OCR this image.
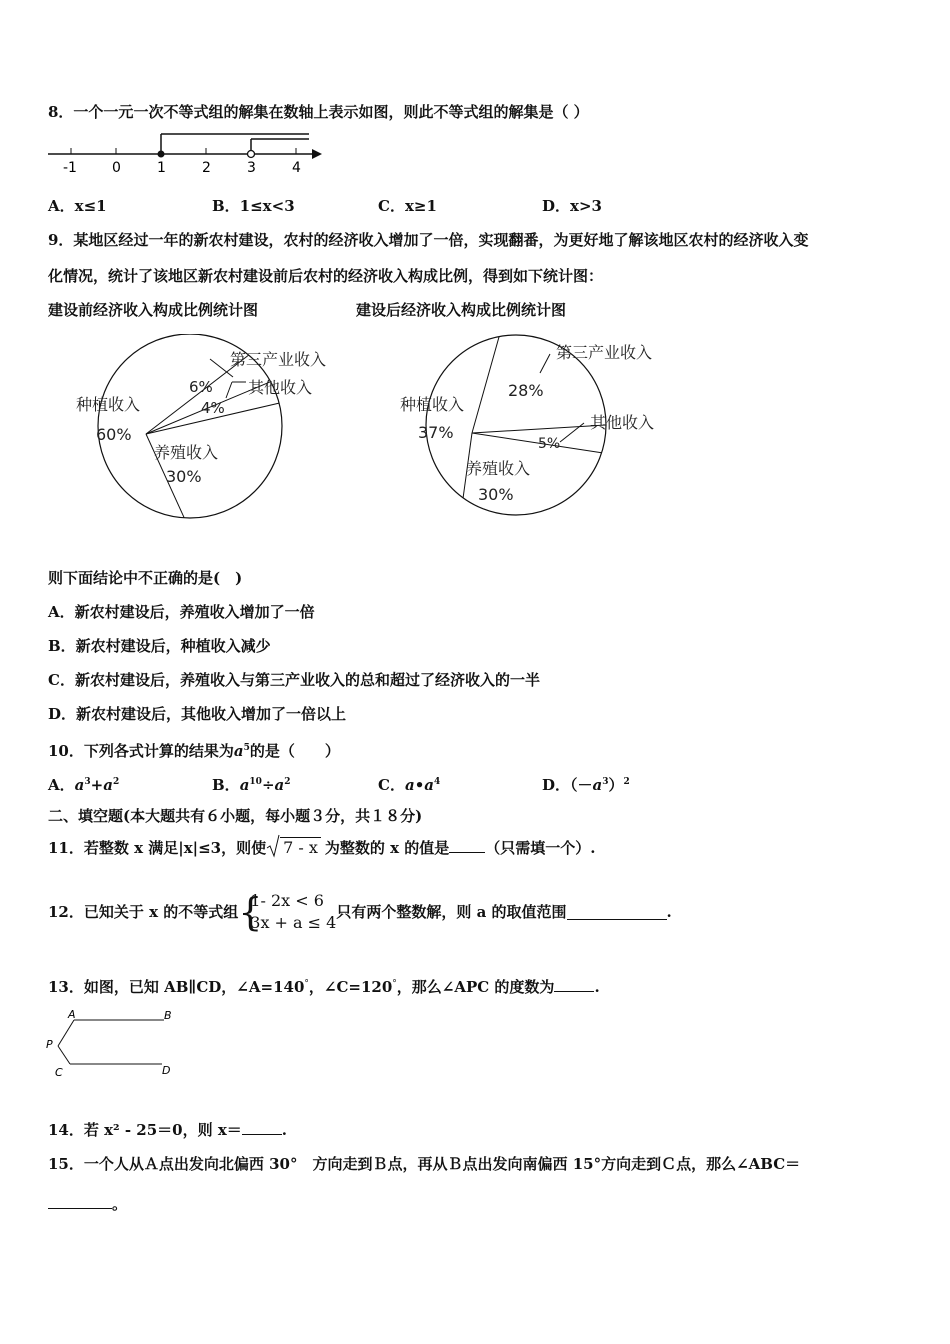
8．一个一元一次不等式组的解集在数轴上表示如图，则此不等式组的解集是（ ）
-1	0	1	2	3	4
A．x≤1	B．1≤x<3	C．x≥1	D．x>3
9．某地区经过一年的新农村建设，农村的经济收入增加了一倍，实现翻番，为更好地了解该地区农村的经济收入变
化情况，统计了该地区新农村建设前后农村的经济收入构成比例，得到如下统计图：
建设前经济收入构成比例统计图	建设后经济收入构成比例统计图
种植收入
60%
养殖收入
30%
6%
4%
第三产业收入
其他收入
种植收入
37%
养殖收入
30%
28%
5%
第三产业收入
其他收入
则下面结论中不正确的是(　)
A．新农村建设后，养殖收入增加了一倍
B．新农村建设后，种植收入减少
C．新农村建设后，养殖收入与第三产业收入的总和超过了经济收入的一半
D．新农村建设后，其他收入增加了一倍以上
10．下列各式计算的结果为$a^5$的是（　　）
A．$a^3+a^2$	B．$a^{10}\div a^2$	C．$a•a^4$	D．$(-a^3)^2$
二、填空题(本大题共有６小题，每小题３分，共１８分)
11．若整数 x 满足|x|≤3，则使 7 - x 为整数的 x 的值是 （只需填一个）.
12．已知关于 x 的不等式组 {
1- 2x < 6
3x + a ≤ 4
只有两个整数解，则 a 的取值范围	.
13．如图，已知 AB∥CD，∠A=140°，∠C=120°，那么∠APC 的度数为	.
A	B
P
C	D
14．若 x² - 25＝0，则 x＝	.
15．一个人从Ａ点出发向北偏西 30°　方向走到Ｂ点，再从Ｂ点出发向南偏西 15°方向走到Ｃ点，那么∠ABC＝
。
